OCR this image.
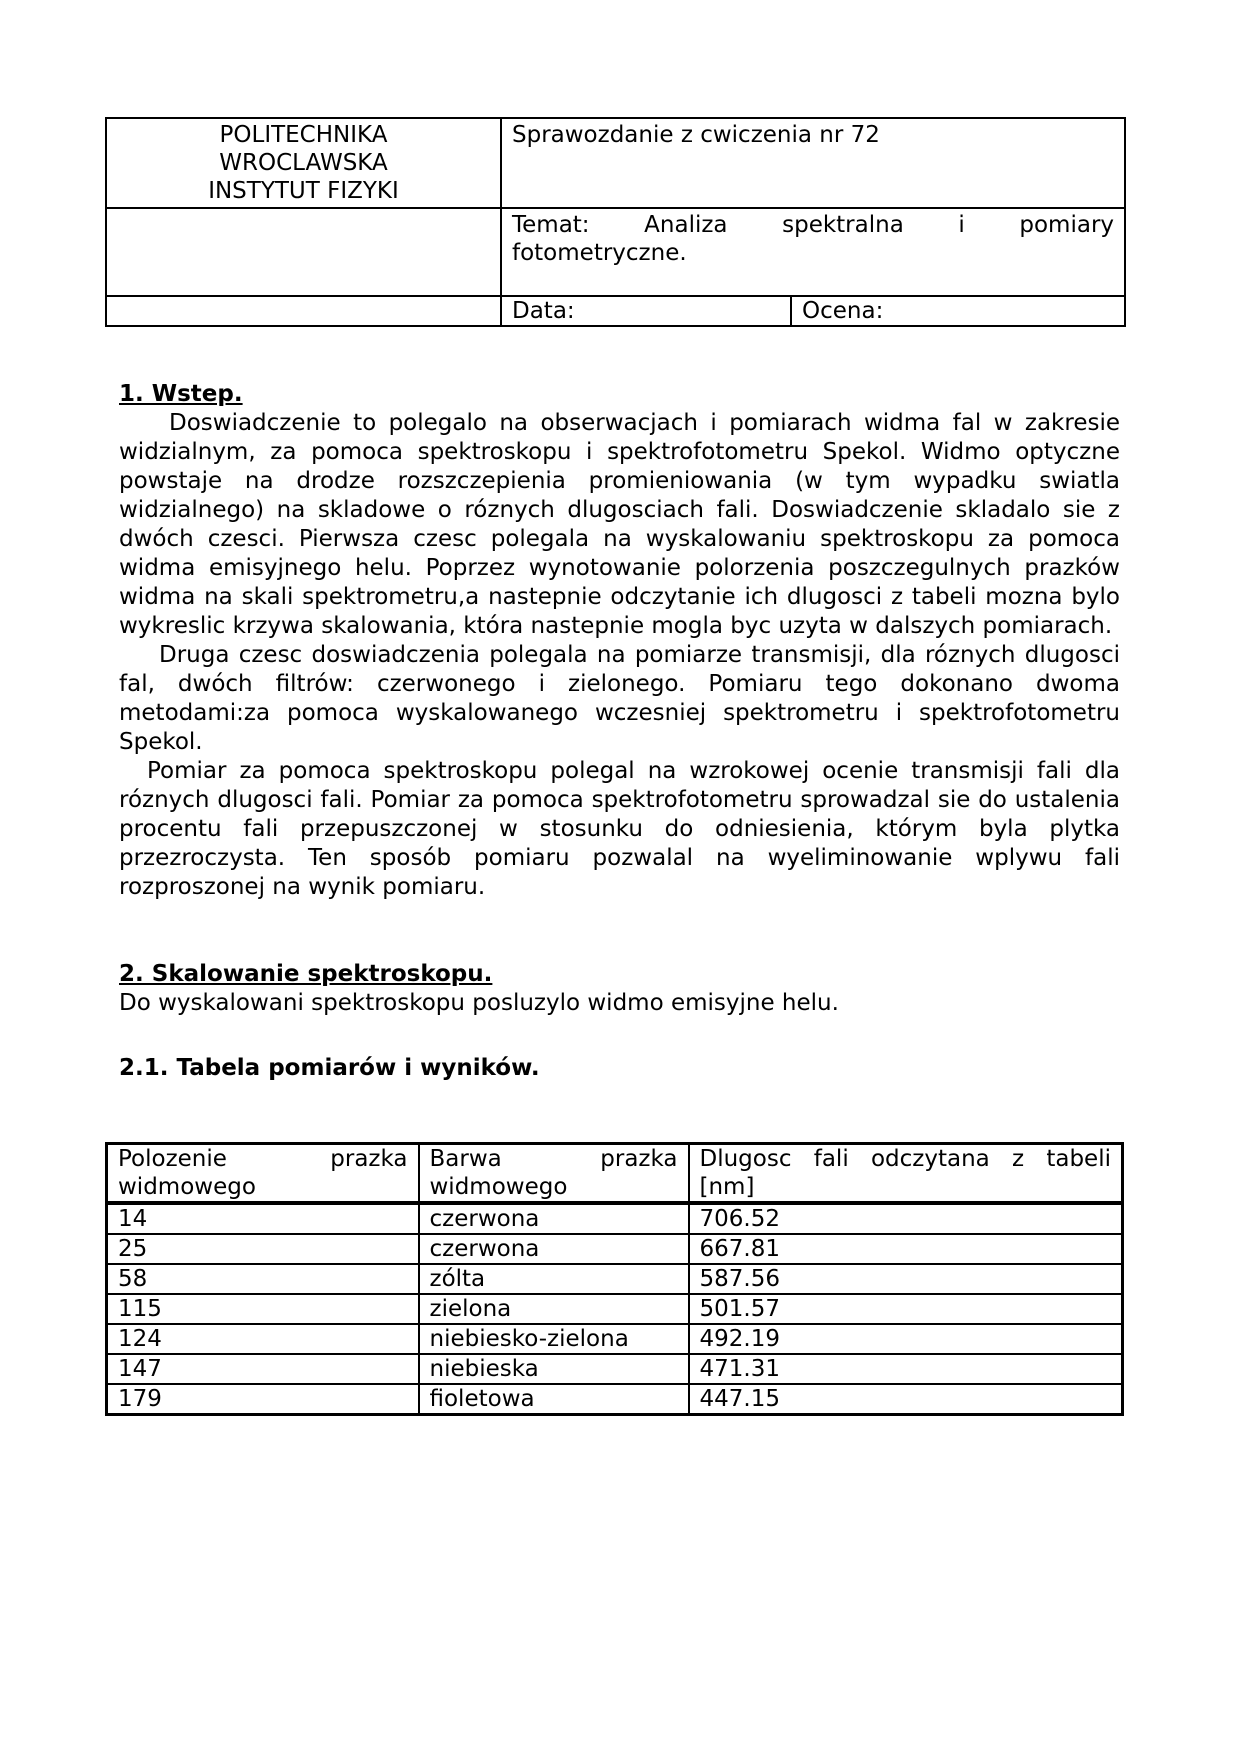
POLITECHNIKA
WROCLAWSKA
INSTYTUT FIZYKI	Sprawozdanie z cwiczenia nr 72	

	Temat: Analiza spektralna i pomiary
fotometryczne.	

	Data:	Ocena:

1. Wstep.

Doswiadczenie to polegalo na obserwacjach i pomiarach widma fal w zakresie widzialnym, za pomoca spektroskopu i spektrofotometru Spekol. Widmo optyczne powstaje na drodze rozszczepienia promieniowania (w tym wypadku swiatla widzialnego) na skladowe o róznych dlugosciach fali. Doswiadczenie skladalo sie z dwóch czesci. Pierwsza czesc polegala na wyskalowaniu spektroskopu za pomoca widma emisyjnego helu. Poprzez wynotowanie polorzenia poszczegulnych prazków widma na skali spektrometru,a nastepnie odczytanie ich dlugosci z tabeli mozna bylo wykreslic krzywa skalowania, która nastepnie mogla byc uzyta w dalszych pomiarach.

Druga czesc doswiadczenia polegala na pomiarze transmisji, dla róznych dlugosci fal, dwóch filtrów: czerwonego i zielonego. Pomiaru tego dokonano dwoma metodami:za pomoca wyskalowanego wczesniej spektrometru i spektrofotometru Spekol.

Pomiar za pomoca spektroskopu polegal na wzrokowej ocenie transmisji fali dla róznych dlugosci fali. Pomiar za pomoca spektrofotometru sprowadzal sie do ustalenia procentu fali przepuszczonej w stosunku do odniesienia, którym byla plytka przezroczysta. Ten sposób pomiaru pozwalal na wyeliminowanie wplywu fali rozproszonej na wynik pomiaru.

2. Skalowanie spektroskopu.

Do wyskalowani spektroskopu posluzylo widmo emisyjne helu.

2.1. Tabela pomiarów i wyników.

Polozenie prazka widmowego	Barwa prazka widmowego	Dlugosc fali odczytana z tabeli [nm]
14	czerwona	706.52
25	czerwona	667.81
58	zólta	587.56
115	zielona	501.57
124	niebiesko-zielona	492.19
147	niebieska	471.31
179	fioletowa	447.15
